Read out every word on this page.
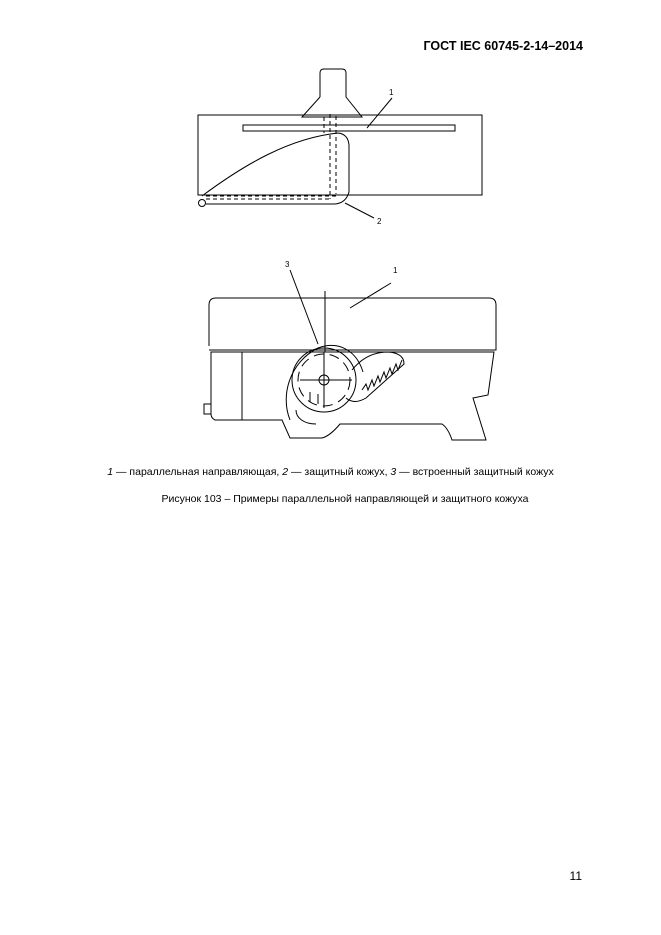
ГОСТ IEC 60745-2-14–2014
1
2
1
3
1 — параллельная направляющая, 2 — защитный кожух, 3 — встроенный защитный кожух
Рисунок 103 – Примеры параллельной направляющей и защитного кожуха
11
